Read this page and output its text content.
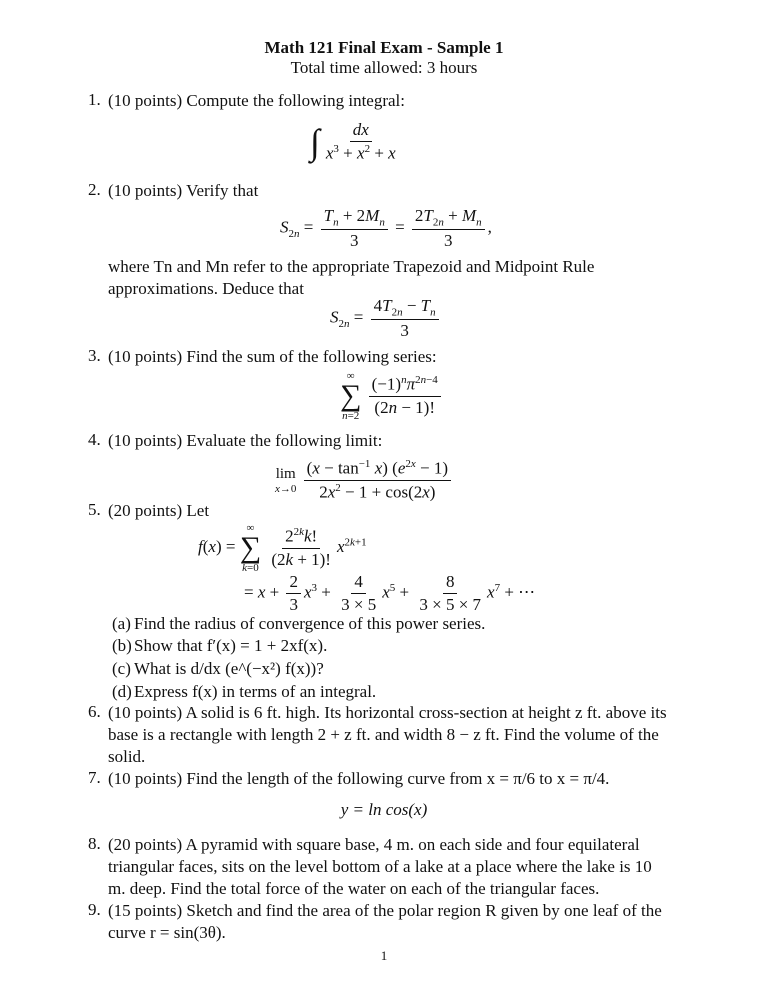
Math 121 Final Exam - Sample 1
Total time allowed: 3 hours
1. (10 points) Compute the following integral:
∫ $\frac{dx}{x^3 + x^2 + x}$
2. (10 points) Verify that
$S_{2n} = \frac{T_n + 2M_n}{3} = \frac{2T_{2n} + M_n}{3}$ ,
where Tn and Mn refer to the appropriate Trapezoid and Midpoint Rule approximations. Deduce that
$S_{2n} = \frac{4T_{2n} - T_n}{3}$
3. (10 points) Find the sum of the following series:
∞
∑
n=2
$\frac{(-1)^n\pi^{2n-4}}{(2n - 1)!}$
4. (10 points) Evaluate the following limit:
lim
x→0
$\frac{(x - \tan^{-1} x) (e^{2x} - 1)}{2x^2 - 1 + \cos(2x)}$
5. (20 points) Let
f(x) =
∞
∑
k=0
$\frac{2^{2k}k!}{(2k + 1)!} x^{2k+1}$
= $x + \frac{2}{3} x^3 + \frac{4}{3 \times 5} x^5 + \frac{8}{3 \times 5 \times 7} x^7$ + ⋯
(a) Find the radius of convergence of this power series.
(b) Show that f′(x) = 1 + 2xf(x).
(c) What is d/dx (e^(−x²) f(x))?
(d) Express f(x) in terms of an integral.
6. (10 points) A solid is 6 ft. high. Its horizontal cross-section at height z ft. above its base is a rectangle with length 2 + z ft. and width 8 − z ft. Find the volume of the solid.
7. (10 points) Find the length of the following curve from x = π/6 to x = π/4.
y = ln cos(x)
8. (20 points) A pyramid with square base, 4 m. on each side and four equilateral triangular faces, sits on the level bottom of a lake at a place where the lake is 10 m. deep. Find the total force of the water on each of the triangular faces.
9. (15 points) Sketch and find the area of the polar region R given by one leaf of the curve r = sin(3θ).
1
